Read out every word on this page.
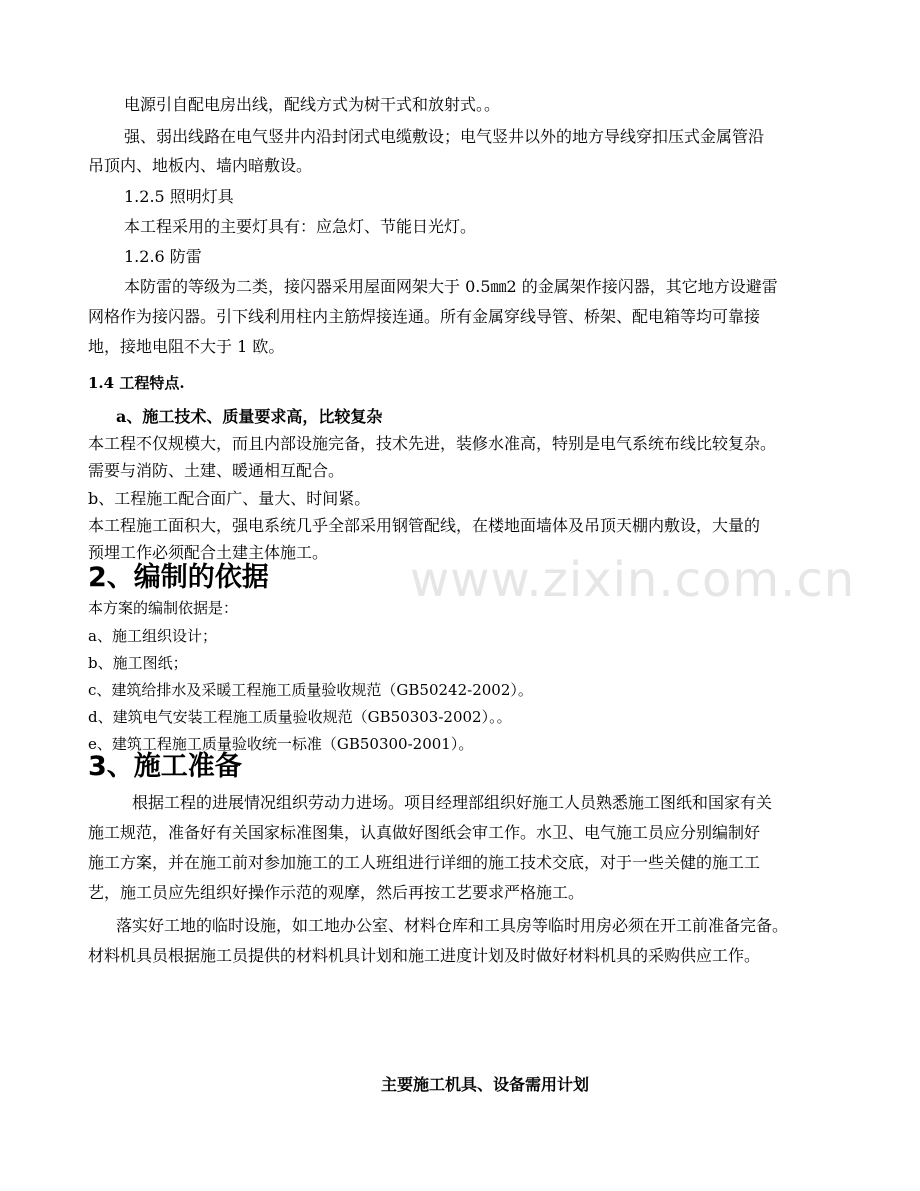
www.zixin.com.cn
电源引自配电房出线，配线方式为树干式和放射式。。
强、弱出线路在电气竖井内沿封闭式电缆敷设；电气竖井以外的地方导线穿扣压式金属管沿
吊顶内、地板内、墙内暗敷设。
1.2.5 照明灯具
本工程采用的主要灯具有：应急灯、节能日光灯。
1.2.6 防雷
本防雷的等级为二类，接闪器采用屋面网架大于 0.5㎜2 的金属架作接闪器，其它地方设避雷
网格作为接闪器。引下线利用柱内主筋焊接连通。所有金属穿线导管、桥架、配电箱等均可靠接
地，接地电阻不大于 1 欧。
1.4 工程特点.
a、施工技术、质量要求高，比较复杂
本工程不仅规模大，而且内部设施完备，技术先进，装修水准高，特别是电气系统布线比较复杂。
需要与消防、土建、暖通相互配合。
b、工程施工配合面广、量大、时间紧。
本工程施工面积大，强电系统几乎全部采用钢管配线，在楼地面墙体及吊顶天棚内敷设，大量的
预埋工作必须配合土建主体施工。
2、编制的依据
本方案的编制依据是：
a、施工组织设计；
b、施工图纸；
c、建筑给排水及采暖工程施工质量验收规范（GB50242-2002）。
d、建筑电气安装工程施工质量验收规范（GB50303-2002）。。
e、建筑工程施工质量验收统一标准（GB50300-2001）。
3、施工准备
根据工程的进展情况组织劳动力进场。项目经理部组织好施工人员熟悉施工图纸和国家有关
施工规范，准备好有关国家标准图集，认真做好图纸会审工作。水卫、电气施工员应分别编制好
施工方案，并在施工前对参加施工的工人班组进行详细的施工技术交底，对于一些关健的施工工
艺，施工员应先组织好操作示范的观摩，然后再按工艺要求严格施工。
落实好工地的临时设施，如工地办公室、材料仓库和工具房等临时用房必须在开工前准备完备。
材料机具员根据施工员提供的材料机具计划和施工进度计划及时做好材料机具的采购供应工作。
主要施工机具、设备需用计划
